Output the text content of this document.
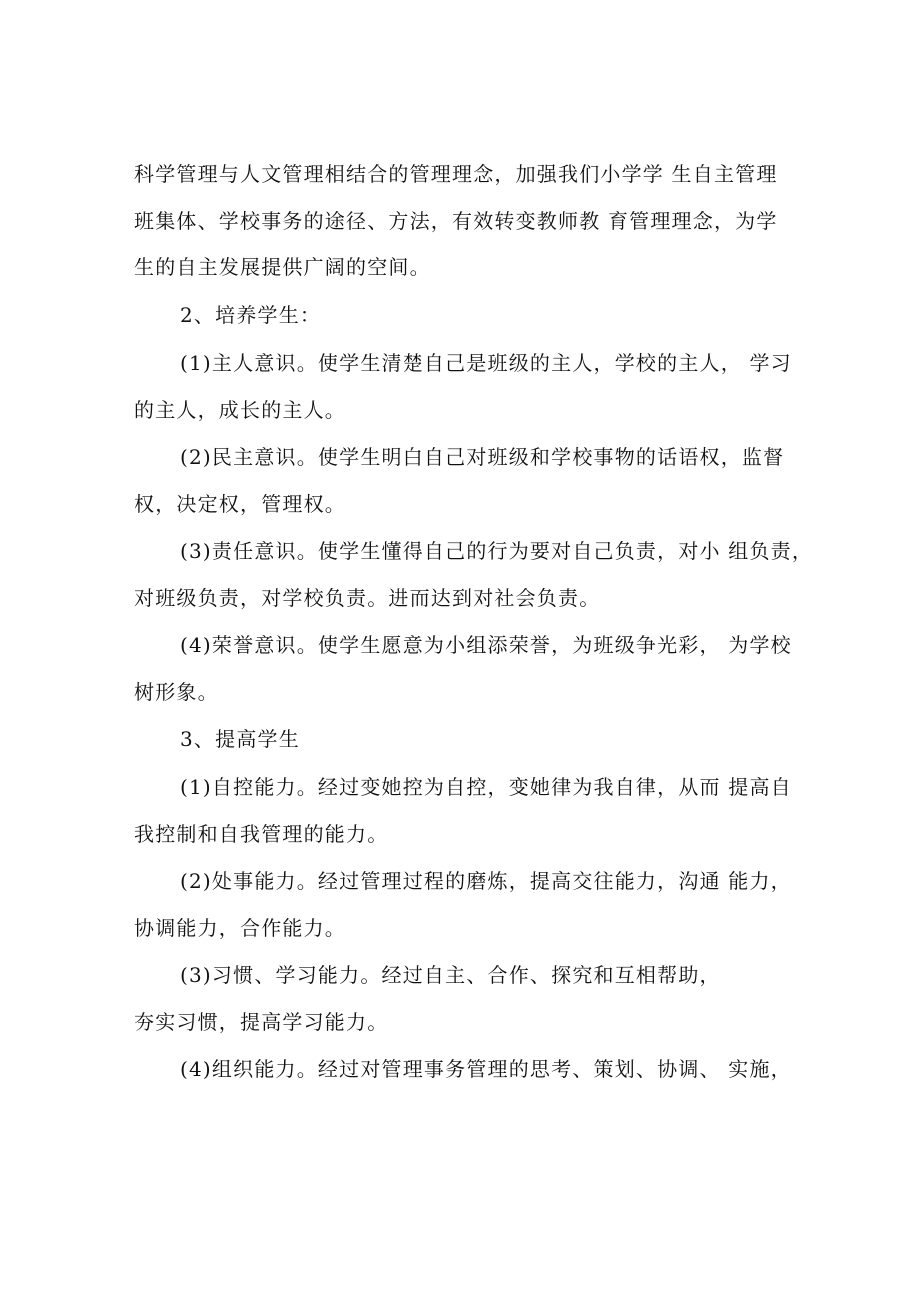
科学管理与人文管理相结合的管理理念，加强我们小学学 生自主管理
班集体、学校事务的途径、方法，有效转变教师教 育管理理念，为学
生的自主发展提供广阔的空间。
2、培养学生：
(1)主人意识。使学生清楚自己是班级的主人，学校的主人， 学习
的主人，成长的主人。
(2)民主意识。使学生明白自己对班级和学校事物的话语权，监督
权，决定权，管理权。
(3)责任意识。使学生懂得自己的行为要对自己负责，对小 组负责，
对班级负责，对学校负责。进而达到对社会负责。
(4)荣誉意识。使学生愿意为小组添荣誉，为班级争光彩， 为学校
树形象。
3、提高学生
(1)自控能力。经过变她控为自控，变她律为我自律，从而 提高自
我控制和自我管理的能力。
(2)处事能力。经过管理过程的磨炼，提高交往能力，沟通 能力，
协调能力，合作能力。
(3)习惯、学习能力。经过自主、合作、探究和互相帮助，
夯实习惯，提高学习能力。
(4)组织能力。经过对管理事务管理的思考、策划、协调、 实施，
